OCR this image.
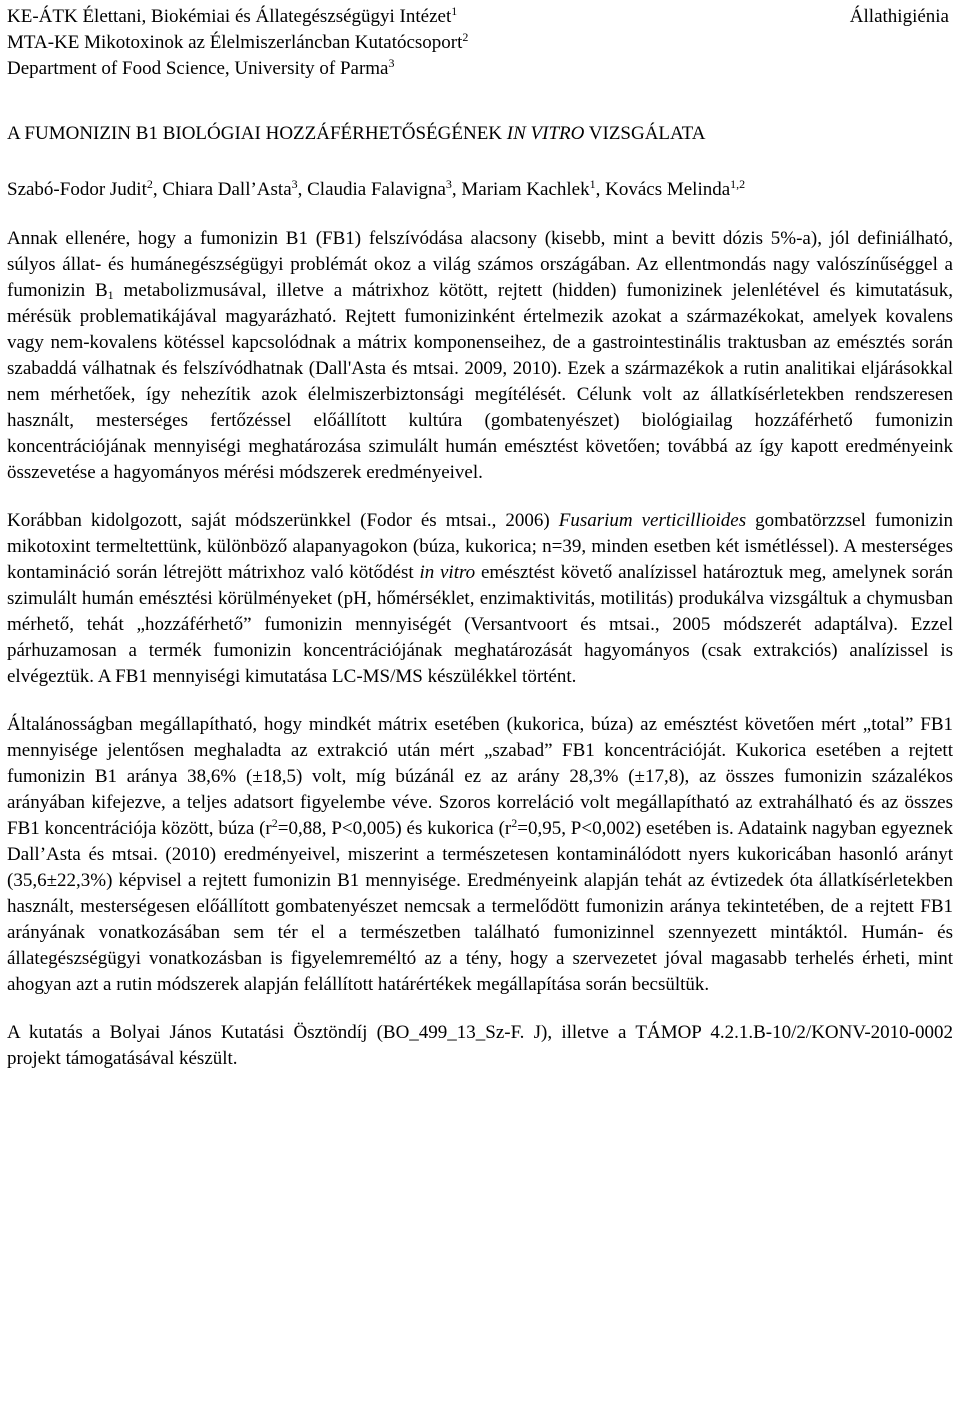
KE-ÁTK Élettani, Biokémiai és Állategészségügyi Intézet$^1$
MTA-KE Mikotoxinok az Élelmiszerláncban Kutatócsoport$^2$
Department of Food Science, University of Parma$^3$
Állathigiénia
A FUMONIZIN B1 BIOLÓGIAI HOZZÁFÉRHETŐSÉGÉNEK IN VITRO VIZSGÁLATA
Szabó-Fodor Judit$^2$, Chiara Dall’Asta$^3$, Claudia Falavigna$^3$, Mariam Kachlek$^1$, Kovács Melinda$^{1,2}$

Annak ellenére, hogy a fumonizin B1 (FB1) felszívódása alacsony (kisebb, mint a bevitt dózis 5%-a), jól definiálható, súlyos állat- és humánegészségügyi problémát okoz a világ számos országában. Az ellentmondás nagy valószínűséggel a fumonizin $B_1$ metabolizmusával, illetve a mátrixhoz kötött, rejtett (hidden) fumonizinek jelenlétével és kimutatásuk, mérésük problematikájával magyarázható. Rejtett fumonizinként értelmezik azokat a származékokat, amelyek kovalens vagy nem-kovalens kötéssel kapcsolódnak a mátrix komponenseihez, de a gastrointestinális traktusban az emésztés során szabaddá válhatnak és felszívódhatnak (Dall'Asta és mtsai. 2009, 2010). Ezek a származékok a rutin analitikai eljárásokkal nem mérhetőek, így nehezítik azok élelmiszerbiztonsági megítélését. Célunk volt az állatkísérletekben rendszeresen használt, mesterséges fertőzéssel előállított kultúra (gombatenyészet) biológiailag hozzáférhető fumonizin koncentrációjának mennyiségi meghatározása szimulált humán emésztést követően; továbbá az így kapott eredményeink összevetése a hagyományos mérési módszerek eredményeivel.

Korábban kidolgozott, saját módszerünkkel (Fodor és mtsai., 2006) Fusarium verticillioides gombatörzzsel fumonizin mikotoxint termeltettünk, különböző alapanyagokon (búza, kukorica; n=39, minden esetben két ismétléssel). A mesterséges kontamináció során létrejött mátrixhoz való kötődést in vitro emésztést követő analízissel határoztuk meg, amelynek során szimulált humán emésztési körülményeket (pH, hőmérséklet, enzimaktivitás, motilitás) produkálva vizsgáltuk a chymusban mérhető, tehát „hozzáférhető” fumonizin mennyiségét (Versantvoort és mtsai., 2005 módszerét adaptálva). Ezzel párhuzamosan a termék fumonizin koncentrációjának meghatározását hagyományos (csak extrakciós) analízissel is elvégeztük. A FB1 mennyiségi kimutatása LC-MS/MS készülékkel történt.

Általánosságban megállapítható, hogy mindkét mátrix esetében (kukorica, búza) az emésztést követően mért „total” FB1 mennyisége jelentősen meghaladta az extrakció után mért „szabad” FB1 koncentrációját. Kukorica esetében a rejtett fumonizin B1 aránya 38,6% (±18,5) volt, míg búzánál ez az arány 28,3% (±17,8), az összes fumonizin százalékos arányában kifejezve, a teljes adatsort figyelembe véve. Szoros korreláció volt megállapítható az extrahálható és az összes FB1 koncentrációja között, búza ($r^2=0,88$, P<0,005) és kukorica ($r^2=0,95$, P<0,002) esetében is. Adataink nagyban egyeznek Dall’Asta és mtsai. (2010) eredményeivel, miszerint a természetesen kontaminálódott nyers kukoricában hasonló arányt (35,6±22,3%) képvisel a rejtett fumonizin B1 mennyisége. Eredményeink alapján tehát az évtizedek óta állatkísérletekben használt, mesterségesen előállított gombatenyészet nemcsak a termelődött fumonizin aránya tekintetében, de a rejtett FB1 arányának vonatkozásában sem tér el a természetben található fumonizinnel szennyezett mintáktól. Humán- és állategészségügyi vonatkozásban is figyelemreméltó az a tény, hogy a szervezetet jóval magasabb terhelés érheti, mint ahogyan azt a rutin módszerek alapján felállított határértékek megállapítása során becsültük.

A kutatás a Bolyai János Kutatási Ösztöndíj (BO_499_13_Sz-F. J), illetve a TÁMOP 4.2.1.B-10/2/KONV-2010-0002 projekt támogatásával készült.
